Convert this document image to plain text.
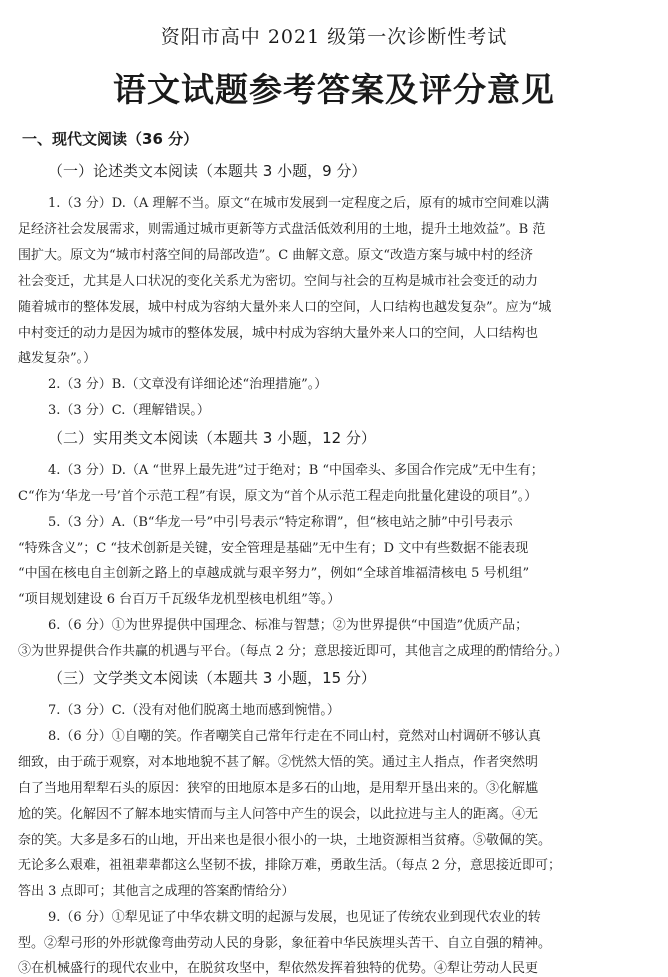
资阳市高中 2021 级第一次诊断性考试
语文试题参考答案及评分意见
一、现代文阅读（36 分）
（一）论述类文本阅读（本题共 3 小题，9 分）
1.（3 分）D.（A 理解不当。原文“在城市发展到一定程度之后，原有的城市空间难以满
足经济社会发展需求，则需通过城市更新等方式盘活低效利用的土地，提升土地效益”。B 范
围扩大。原文为“城市村落空间的局部改造”。C 曲解文意。原文“改造方案与城中村的经济
社会变迁，尤其是人口状况的变化关系尤为密切。空间与社会的互构是城市社会变迁的动力
随着城市的整体发展，城中村成为容纳大量外来人口的空间，人口结构也越发复杂”。应为“城
中村变迁的动力是因为城市的整体发展，城中村成为容纳大量外来人口的空间，人口结构也
越发复杂”。）
2.（3 分）B.（文章没有详细论述“治理措施”。）
3.（3 分）C.（理解错误。）
（二）实用类文本阅读（本题共 3 小题，12 分）
4.（3 分）D.（A “世界上最先进”过于绝对；B “中国牵头、多国合作完成”无中生有；
C“作为‘华龙一号’首个示范工程”有误，原文为“首个从示范工程走向批量化建设的项目”。）
5.（3 分）A.（B“华龙一号”中引号表示“特定称谓”，但“核电站之肺”中引号表示
“特殊含义”；C “技术创新是关键，安全管理是基础”无中生有；D 文中有些数据不能表现
“中国在核电自主创新之路上的卓越成就与艰辛努力”，例如“全球首堆福清核电 5 号机组”
“项目规划建设 6 台百万千瓦级华龙机型核电机组”等。）
6.（6 分）①为世界提供中国理念、标准与智慧；②为世界提供“中国造”优质产品；
③为世界提供合作共赢的机遇与平台。（每点 2 分；意思接近即可，其他言之成理的酌情给分。）
（三）文学类文本阅读（本题共 3 小题，15 分）
7.（3 分）C.（没有对他们脱离土地而感到惋惜。）
8.（6 分）①自嘲的笑。作者嘲笑自己常年行走在不同山村，竟然对山村调研不够认真
细致，由于疏于观察，对本地地貌不甚了解。②恍然大悟的笑。通过主人指点，作者突然明
白了当地用犁犁石头的原因：狭窄的田地原本是多石的山地，是用犁开垦出来的。③化解尴
尬的笑。化解因不了解本地实情而与主人问答中产生的误会，以此拉进与主人的距离。④无
奈的笑。大多是多石的山地，开出来也是很小很小的一块，土地资源相当贫瘠。⑤敬佩的笑。
无论多么艰难，祖祖辈辈都这么坚韧不拔，排除万难，勇敢生活。（每点 2 分，意思接近即可；
答出 3 点即可；其他言之成理的答案酌情给分）
9.（6 分）①犁见证了中华农耕文明的起源与发展，也见证了传统农业到现代农业的转
型。②犁弓形的外形就像弯曲劳动人民的身影，象征着中华民族埋头苦干、自立自强的精神。
③在机械盛行的现代农业中，在脱贫攻坚中，犁依然发挥着独特的优势。④犁让劳动人民更
